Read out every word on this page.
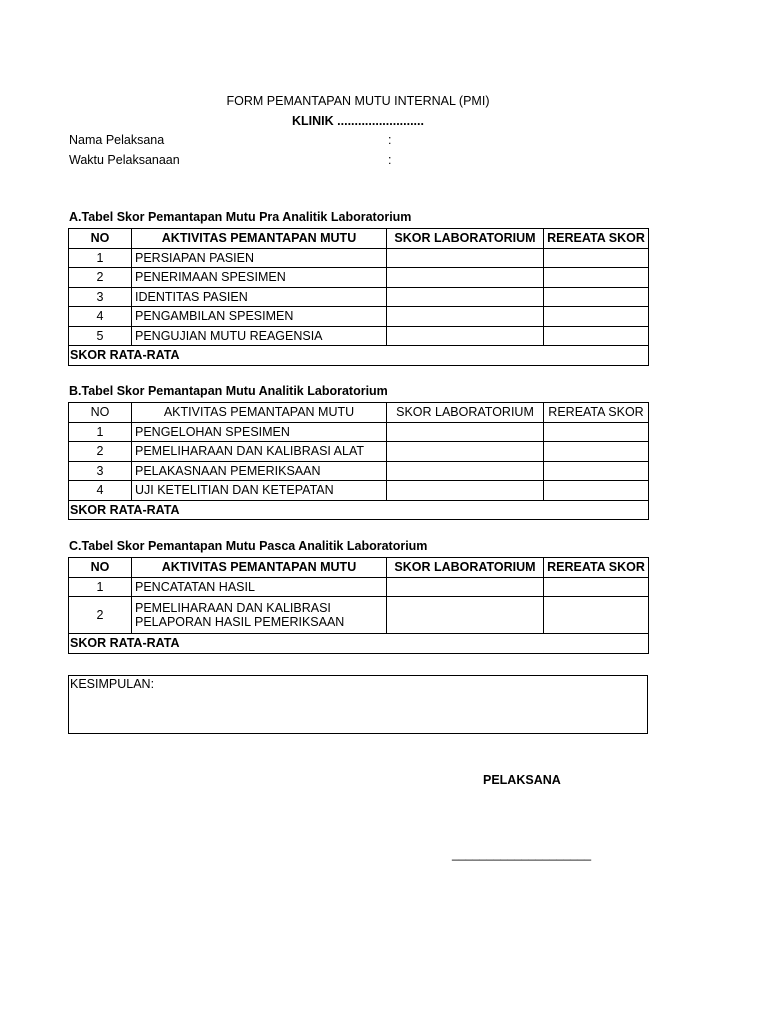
FORM PEMANTAPAN MUTU INTERNAL (PMI)
KLINIK .........................
Nama Pelaksana	:
Waktu Pelaksanaan	:
A.Tabel Skor Pemantapan Mutu Pra Analitik Laboratorium
NO	AKTIVITAS PEMANTAPAN MUTU	SKOR LABORATORIUM	REREATA SKOR
1	PERSIAPAN PASIEN		
2	PENERIMAAN SPESIMEN		
3	IDENTITAS PASIEN		
4	PENGAMBILAN SPESIMEN		
5	PENGUJIAN MUTU REAGENSIA		
SKOR RATA-RATA			
B.Tabel Skor Pemantapan Mutu Analitik Laboratorium
NO	AKTIVITAS PEMANTAPAN MUTU	SKOR LABORATORIUM	REREATA SKOR
1	PENGELOHAN SPESIMEN		
2	PEMELIHARAAN DAN KALIBRASI ALAT		
3	PELAKASNAAN PEMERIKSAAN		
4	UJI KETELITIAN DAN KETEPATAN		
SKOR RATA-RATA			
C.Tabel Skor Pemantapan Mutu Pasca Analitik Laboratorium
NO	AKTIVITAS PEMANTAPAN MUTU	SKOR LABORATORIUM	REREATA SKOR
1	PENCATATAN HASIL		
2	PEMELIHARAAN DAN KALIBRASI
PELAPORAN HASIL PEMERIKSAAN		

SKOR RATA-RATA			
KESIMPULAN:
PELAKSANA
____________________
